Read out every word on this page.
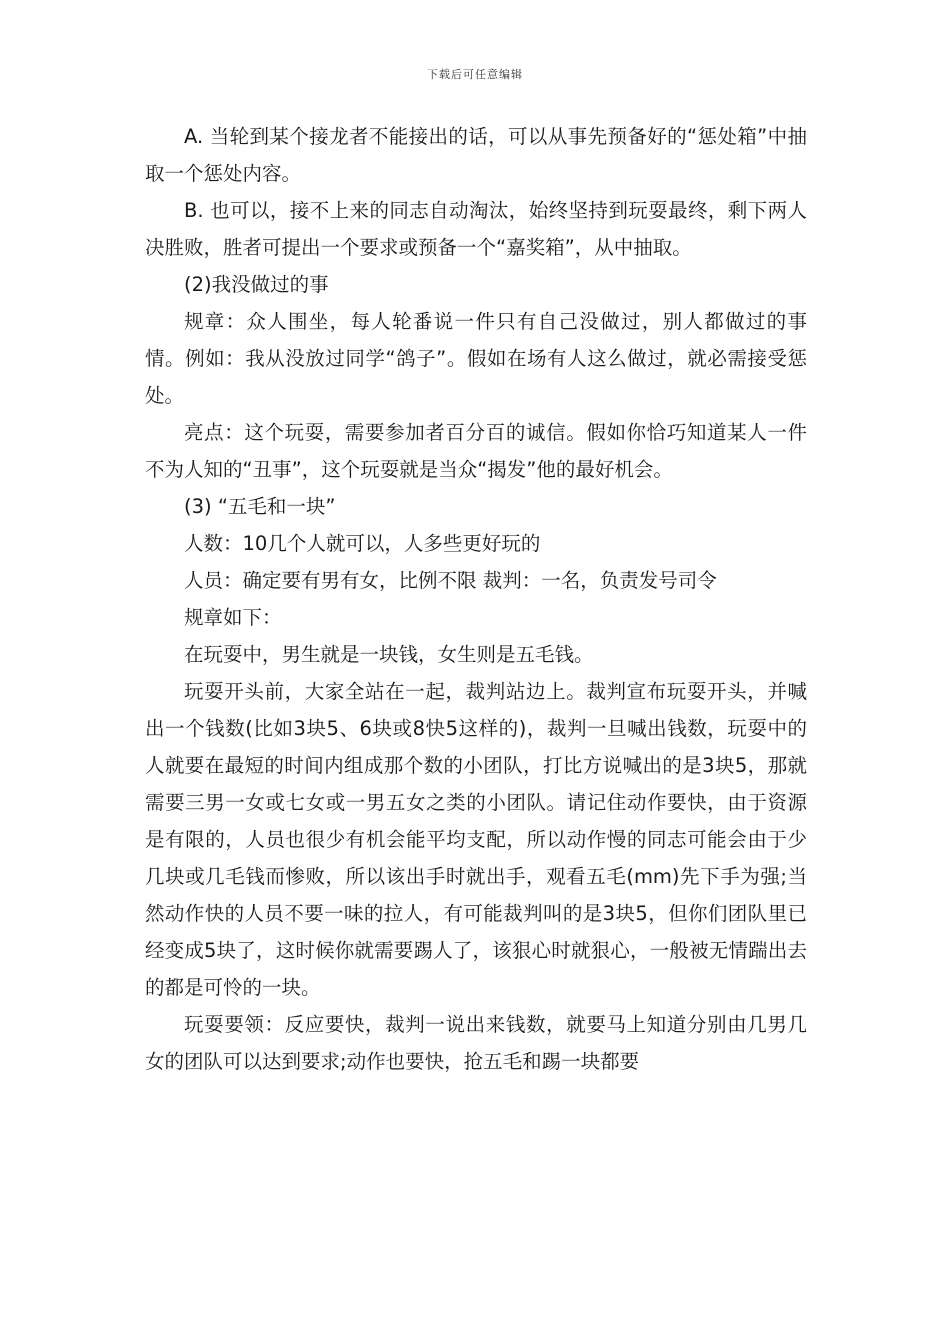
下载后可任意编辑

A. 当轮到某个接龙者不能接出的话，可以从事先预备好的“惩处箱”中抽取一个惩处内容。

B. 也可以，接不上来的同志自动淘汰，始终坚持到玩耍最终，剩下两人决胜败，胜者可提出一个要求或预备一个“嘉奖箱”，从中抽取。

(2)我没做过的事

规章：众人围坐，每人轮番说一件只有自己没做过，别人都做过的事情。例如：我从没放过同学“鸽子”。假如在场有人这么做过，就必需接受惩处。

亮点：这个玩耍，需要参加者百分百的诚信。假如你恰巧知道某人一件不为人知的“丑事”，这个玩耍就是当众“揭发”他的最好机会。

(3) “五毛和一块”

人数：10几个人就可以，人多些更好玩的

人员：确定要有男有女，比例不限 裁判：一名，负责发号司令

规章如下：

在玩耍中，男生就是一块钱，女生则是五毛钱。

玩耍开头前，大家全站在一起，裁判站边上。裁判宣布玩耍开头，并喊出一个钱数(比如3块5、6块或8快5这样的)，裁判一旦喊出钱数，玩耍中的人就要在最短的时间内组成那个数的小团队，打比方说喊出的是3块5，那就需要三男一女或七女或一男五女之类的小团队。请记住动作要快，由于资源是有限的，人员也很少有机会能平均支配，所以动作慢的同志可能会由于少几块或几毛钱而惨败，所以该出手时就出手，观看五毛(mm)先下手为强;当然动作快的人员不要一味的拉人，有可能裁判叫的是3块5，但你们团队里已经变成5块了，这时候你就需要踢人了，该狠心时就狠心，一般被无情踹出去的都是可怜的一块。

玩耍要领：反应要快，裁判一说出来钱数，就要马上知道分别由几男几女的团队可以达到要求;动作也要快，抢五毛和踢一块都要
